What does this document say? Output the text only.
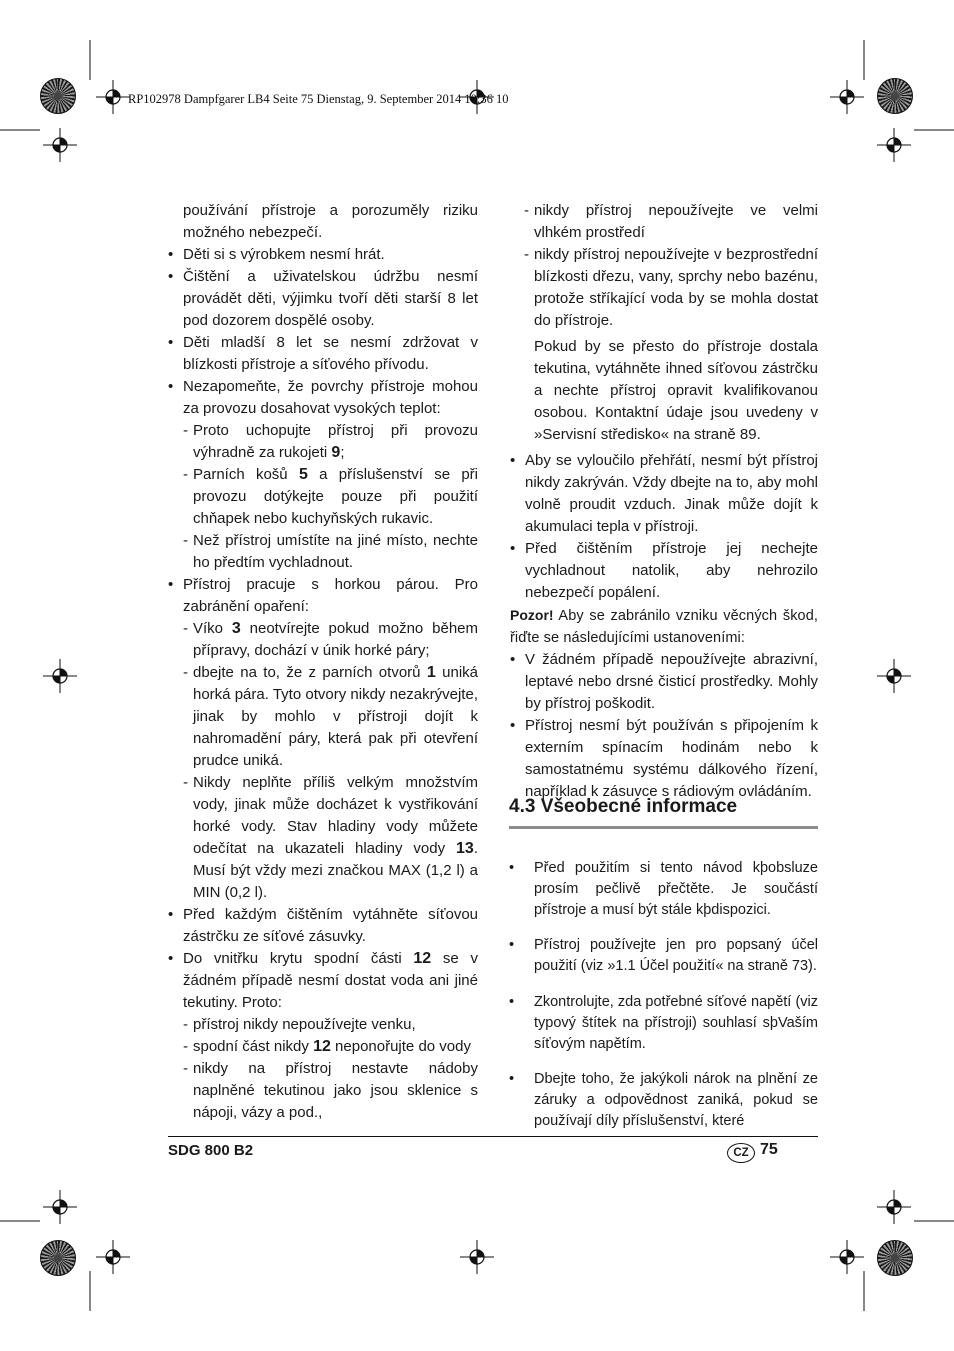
RP102978 Dampfgarer LB4 Seite 75 Dienstag, 9. September 2014 10:36 10

používání přístroje a porozuměly riziku možného nebezpečí.

• Děti si s výrobkem nesmí hrát.

• Čištění a uživatelskou údržbu nesmí provádět děti, výjimku tvoří děti starší 8 let pod dozorem dospělé osoby.

• Děti mladší 8 let se nesmí zdržovat v blízkosti přístroje a síťového přívodu.

• Nezapomeňte, že povrchy přístroje mohou za provozu dosahovat vysokých teplot:

- Proto uchopujte přístroj při provozu výhradně za rukojeti 9;

- Parních košů 5 a příslušenství se při provozu dotýkejte pouze při použití chňapek nebo kuchyňských rukavic.

- Než přístroj umístíte na jiné místo, nechte ho předtím vychladnout.

• Přístroj pracuje s horkou párou. Pro zabránění opaření:

- Víko 3 neotvírejte pokud možno během přípravy, dochází v únik horké páry;

- dbejte na to, že z parních otvorů 1 uniká horká pára. Tyto otvory nikdy nezakrývejte, jinak by mohlo v přístroji dojít k nahromadění páry, která pak při otevření prudce uniká.

- Nikdy neplňte příliš velkým množstvím vody, jinak může docházet k vystřikování horké vody. Stav hladiny vody můžete odečítat na ukazateli hladiny vody 13. Musí být vždy mezi značkou MAX (1,2 l) a MIN (0,2 l).

• Před každým čištěním vytáhněte síťovou zástrčku ze síťové zásuvky.

• Do vnitřku krytu spodní části 12 se v žádném případě nesmí dostat voda ani jiné tekutiny. Proto:

- přístroj nikdy nepoužívejte venku,

- spodní část nikdy 12 neponořujte do vody

- nikdy na přístroj nestavte nádoby naplněné tekutinou jako jsou sklenice s nápoji, vázy a pod.,

- nikdy přístroj nepoužívejte ve velmi vlhkém prostředí

- nikdy přístroj nepoužívejte v bezprostřední blízkosti dřezu, vany, sprchy nebo bazénu, protože stříkající voda by se mohla dostat do přístroje.

Pokud by se přesto do přístroje dostala tekutina, vytáhněte ihned síťovou zástrčku a nechte přístroj opravit kvalifikovanou osobou. Kontaktní údaje jsou uvedeny v »Servisní středisko« na straně 89.

• Aby se vyloučilo přehřátí, nesmí být přístroj nikdy zakrýván. Vždy dbejte na to, aby mohl volně proudit vzduch. Jinak může dojít k akumulaci tepla v přístroji.

• Před čištěním přístroje jej nechejte vychladnout natolik, aby nehrozilo nebezpečí popálení.

Pozor! Aby se zabránilo vzniku věcných škod, řiďte se následujícími ustanoveními:

• V žádném případě nepoužívejte abrazivní, leptavé nebo drsné čisticí prostředky. Mohly by přístroj poškodit.

• Přístroj nesmí být používán s připojením k externím spínacím hodinám nebo k samostatnému systému dálkového řízení, například k zásuvce s rádiovým ovládáním.

4.3 Všeobecné informace

• Před použitím si tento návod kþobsluze prosím pečlivě přečtěte. Je součástí přístroje a musí být stále kþdispozici.

• Přístroj používejte jen pro popsaný účel použití (viz »1.1 Účel použití« na straně 73).

• Zkontrolujte, zda potřebné síťové napětí (viz typový štítek na přístroji) souhlasí sþVaším síťovým napětím.

• Dbejte toho, že jakýkoli nárok na plnění ze záruky a odpovědnost zaniká, pokud se používají díly příslušenství, které

SDG 800 B2	CZ 75
